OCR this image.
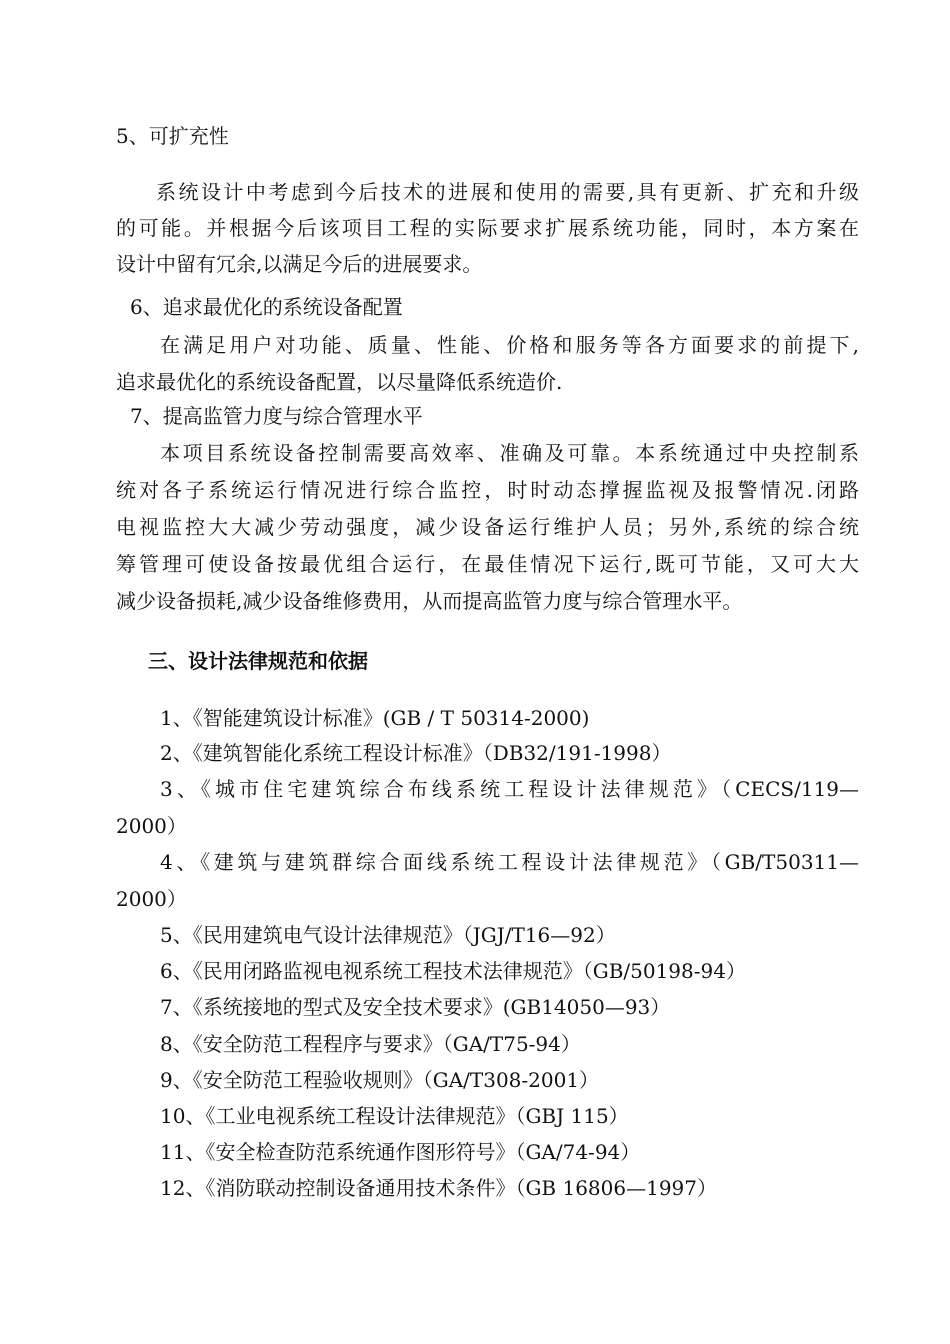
5、可扩充性
系统设计中考虑到今后技术的进展和使用的需要,具有更新、扩充和升级
的可能。并根据今后该项目工程的实际要求扩展系统功能，同时，本方案在
设计中留有冗余,以满足今后的进展要求。
6、追求最优化的系统设备配置
在满足用户对功能、质量、性能、价格和服务等各方面要求的前提下,
追求最优化的系统设备配置，以尽量降低系统造价.
7、提高监管力度与综合管理水平
本项目系统设备控制需要高效率、准确及可靠。本系统通过中央控制系
统对各子系统运行情况进行综合监控，时时动态撑握监视及报警情况.闭路
电视监控大大减少劳动强度，减少设备运行维护人员；另外,系统的综合统
筹管理可使设备按最优组合运行，在最佳情况下运行,既可节能，又可大大
减少设备损耗,减少设备维修费用，从而提高监管力度与综合管理水平。
三、设计法律规范和依据
1、《智能建筑设计标准》(GB / T 50314-2000)
2、《建筑智能化系统工程设计标准》（DB32/191-1998）
3、《城市住宅建筑综合布线系统工程设计法律规范》（CECS/119—
2000）
4、《建筑与建筑群综合面线系统工程设计法律规范》（GB/T50311—
2000）
5、《民用建筑电气设计法律规范》（JGJ/T16—92）
6、《民用闭路监视电视系统工程技术法律规范》（GB/50198-94）
7、《系统接地的型式及安全技术要求》(GB14050—93）
8、《安全防范工程程序与要求》（GA/T75-94）
9、《安全防范工程验收规则》（GA/T308-2001）
10、《工业电视系统工程设计法律规范》（GBJ 115）
11、《安全检查防范系统通作图形符号》（GA/74-94）
12、《消防联动控制设备通用技术条件》（GB 16806—1997）
